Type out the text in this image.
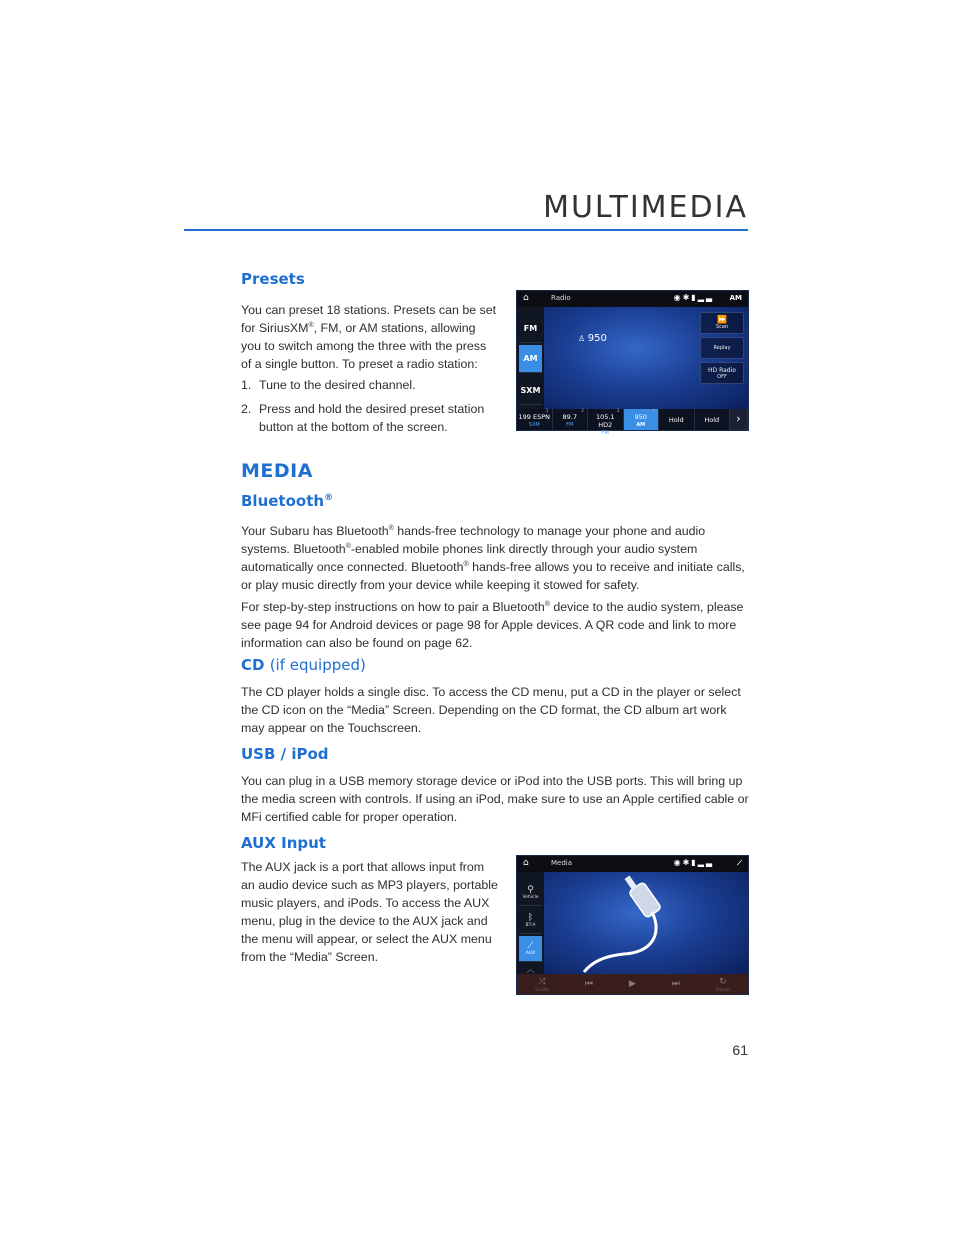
MULTIMEDIA
Presets
You can preset 18 stations. Presets can be set
for SiriusXM®, FM, or AM stations, allowing
you to switch among the three with the press
of a single button. To preset a radio station:
1. Tune to the desired channel.
2. Press and hold the desired preset station button at the bottom of the screen.
⌂	Radio	◉✱▮▂▃ AM
FM
AM
SXM
♙ 950
⏩
Scan
Replay
HD Radio
OFF
1
199 ESPN
SXM
2
89.7
FM
3
105.1 HD2
FM
4
950
AM
Hold	Hold	›
MEDIA
Bluetooth®
Your Subaru has Bluetooth® hands-free technology to manage your phone and audio systems. Bluetooth®-enabled mobile phones link directly through your audio system automatically once connected. Bluetooth® hands-free allows you to receive and initiate calls, or play music directly from your device while keeping it stowed for safety.
For step-by-step instructions on how to pair a Bluetooth® device to the audio system, please see page 94 for Android devices or page 98 for Apple devices. A QR code and link to more information can also be found on page 62.
CD (if equipped)
The CD player holds a single disc. To access the CD menu, put a CD in the player or select the CD icon on the “Media” Screen. Depending on the CD format, the CD album art work may appear on the Touchscreen.
USB / iPod
You can plug in a USB memory storage device or iPod into the USB ports. This will bring up the media screen with controls. If using an iPod, make sure to use an Apple certified cable or MFi certified cable for proper operation.
AUX Input
The AUX jack is a port that allows input from
an audio device such as MP3 players, portable
music players, and iPods. To access the AUX
menu, plug in the device to the AUX jack and
the menu will appear, or select the AUX menu
from the “Media” Screen.
⌂	Media	◉✱▮▂▃	⟋
⚲
Vehicle
ᛒ
BT-A
⟋
AUX
︿
⤨
Shuffle	⏮	▶	⏭	↻
Repeat
61
